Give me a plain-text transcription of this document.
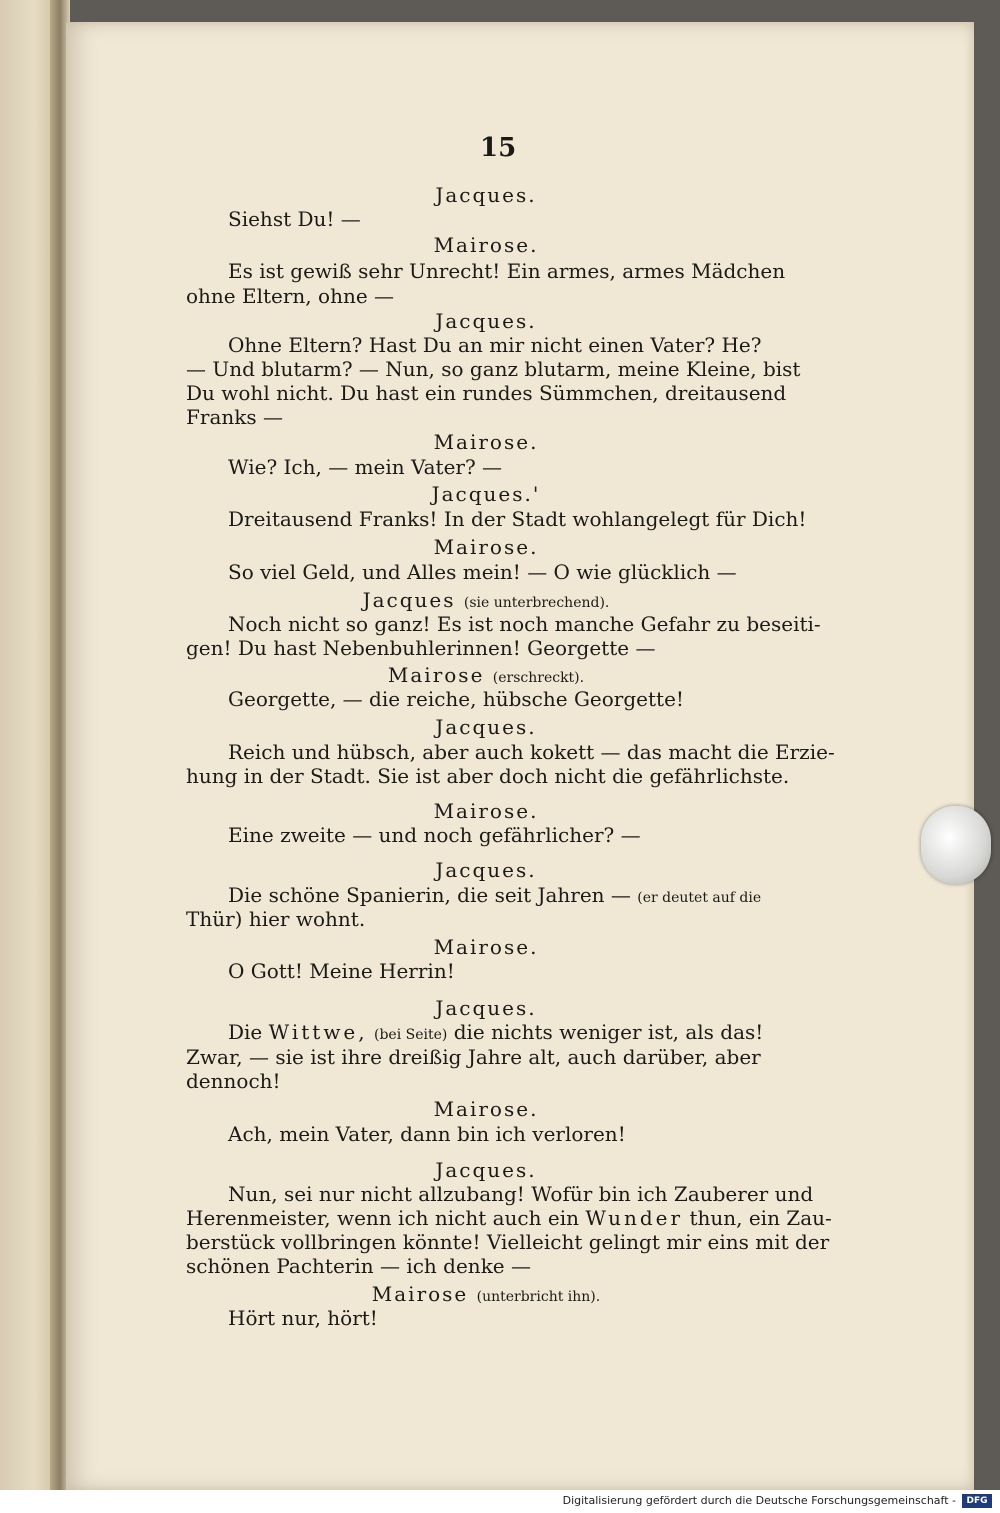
15
Jacques.
Siehst Du! —
Mairose.
Es ist gewiß sehr Unrecht! Ein armes, armes Mädchen
ohne Eltern, ohne —
Jacques.
Ohne Eltern? Hast Du an mir nicht einen Vater? He?
— Und blutarm? — Nun, so ganz blutarm, meine Kleine, bist
Du wohl nicht. Du hast ein rundes Sümmchen, dreitausend
Franks —
Mairose.
Wie? Ich, — mein Vater? —
Jacques.'
Dreitausend Franks! In der Stadt wohlangelegt für Dich!
Mairose.
So viel Geld, und Alles mein! — O wie glücklich —
Jacques (sie unterbrechend).
Noch nicht so ganz! Es ist noch manche Gefahr zu beseiti-
gen! Du hast Nebenbuhlerinnen! Georgette —
Mairose (erschreckt).
Georgette, — die reiche, hübsche Georgette!
Jacques.
Reich und hübsch, aber auch kokett — das macht die Erzie-
hung in der Stadt. Sie ist aber doch nicht die gefährlichste.
Mairose.
Eine zweite — und noch gefährlicher? —
Jacques.
Die schöne Spanierin, die seit Jahren — (er deutet auf die
Thür) hier wohnt.
Mairose.
O Gott! Meine Herrin!
Jacques.
Die Wittwe, (bei Seite) die nichts weniger ist, als das!
Zwar, — sie ist ihre dreißig Jahre alt, auch darüber, aber
dennoch!
Mairose.
Ach, mein Vater, dann bin ich verloren!
Jacques.
Nun, sei nur nicht allzubang! Wofür bin ich Zauberer und
Herenmeister, wenn ich nicht auch ein Wunder thun, ein Zau-
berstück vollbringen könnte! Vielleicht gelingt mir eins mit der
schönen Pachterin — ich denke —
Mairose (unterbricht ihn).
Hört nur, hört!
Digitalisierung gefördert durch die Deutsche Forschungsgemeinschaft -	DFG
